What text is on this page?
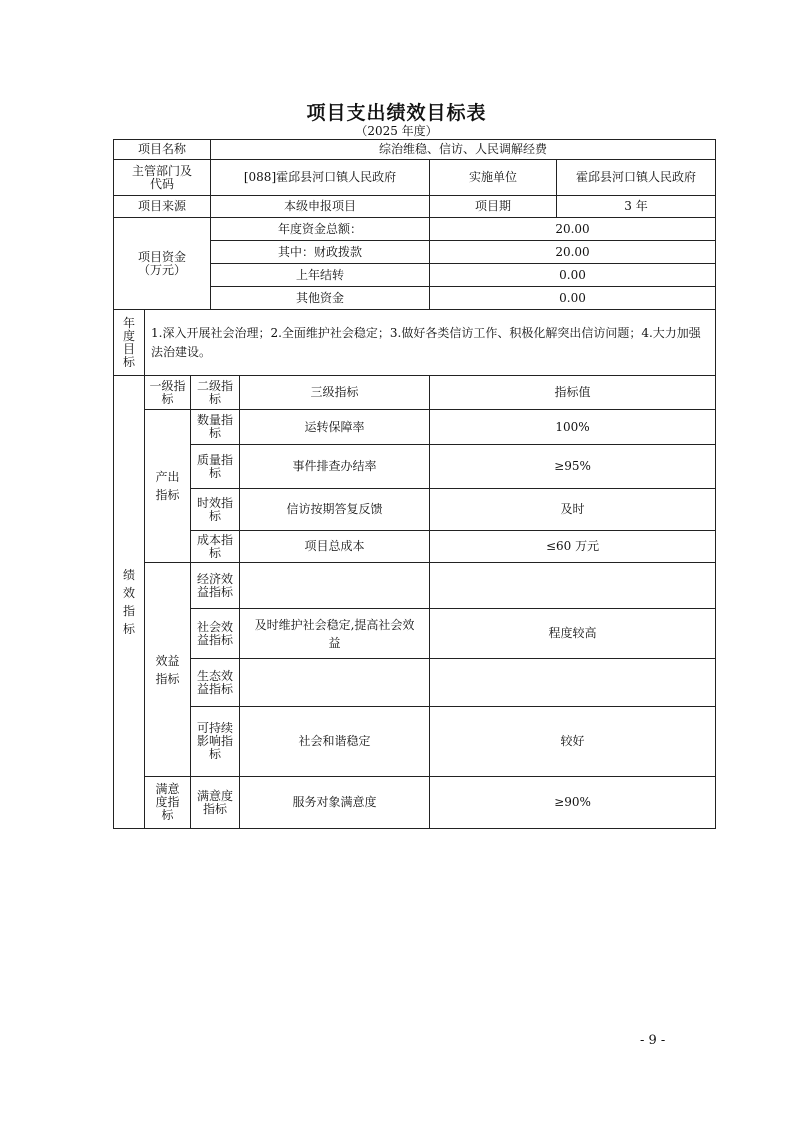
项目支出绩效目标表
（2025 年度）
项目名称			综治维稳、信访、人民调解经费			
主管部门及代码			[088]霍邱县河口镇人民政府		实施单位	霍邱县河口镇人民政府
项目来源			本级申报项目		项目期	3 年
项目资金（万元）			年度资金总额：		20.00	
			其中：财政拨款		20.00	
			上年结转		0.00	
			其他资金		0.00	
年度目标	1.深入开展社会治理；2.全面维护社会稳定；3.做好各类信访工作、积极化解突出信访问题；4.大力加强法治建设。					
绩效指标	一级指标	二级指标		三级指标	指标值	
	产出指标	数量指标		运转保障率	100%	
		质量指标		事件排查办结率	≥95%	
		时效指标		信访按期答复反馈	及时	
		成本指标		项目总成本	≤60 万元	
	效益指标	经济效益指标				
		社会效益指标		及时维护社会稳定,提高社会效益	程度较高	
		生态效益指标				
		可持续影响指标		社会和谐稳定	较好	
	满意度指标	满意度指标		服务对象满意度	≥90%	
- 9 -
